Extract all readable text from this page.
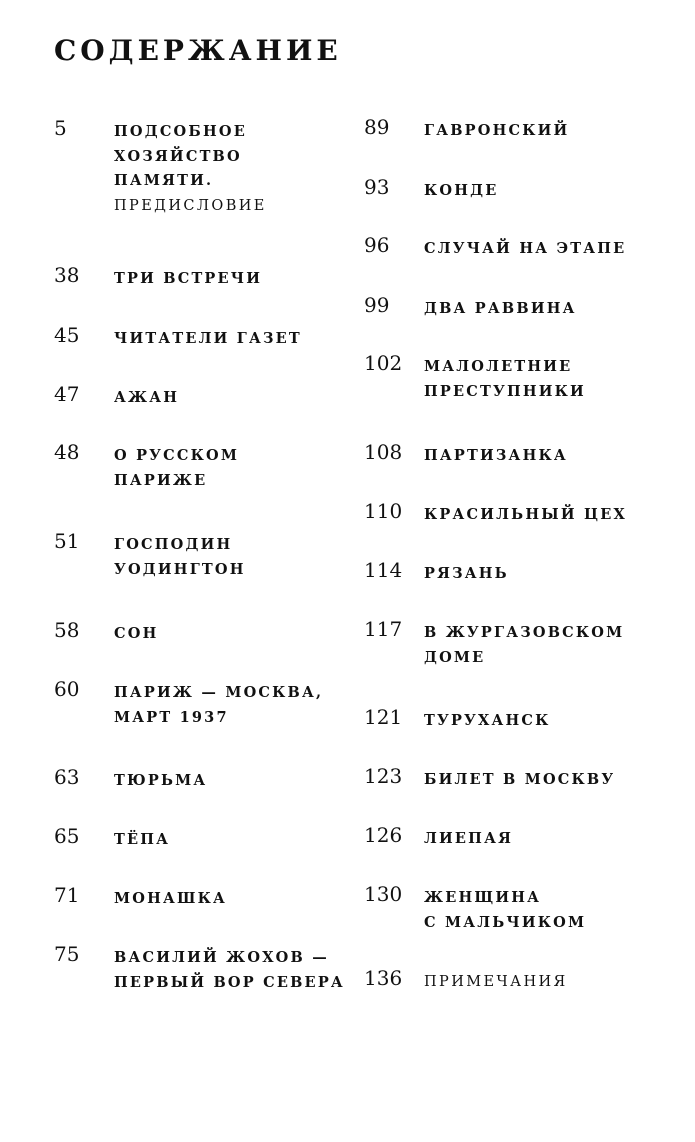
СОДЕРЖАНИЕ
5	ПОДСОБНОЕ
ХОЗЯЙСТВО
ПАМЯТИ.
ПРЕДИСЛОВИЕ
38 ТРИ ВСТРЕЧИ
45 ЧИТАТЕЛИ ГАЗЕТ
47 АЖАН
48 О РУССКОМ
ПАРИЖЕ
51 ГОСПОДИН
УОДИНГТОН
58 СОН
60 ПАРИЖ — МОСКВА,
МАРТ 1937
63 ТЮРЬМА
65 ТЁПА
71 МОНАШКА
75 ВАСИЛИЙ ЖОХОВ —
ПЕРВЫЙ ВОР СЕВЕРА
89 ГАВРОНСКИЙ
93 КОНДЕ
96 СЛУЧАЙ НА ЭТАПЕ
99 ДВА РАВВИНА
102 МАЛОЛЕТНИЕ
ПРЕСТУПНИКИ
108 ПАРТИЗАНКА
110 КРАСИЛЬНЫЙ ЦЕХ
114 РЯЗАНЬ
117 В ЖУРГАЗОВСКОМ
ДОМЕ
121 ТУРУХАНСК
123 БИЛЕТ В МОСКВУ
126 ЛИЕПАЯ
130 ЖЕНЩИНА
С МАЛЬЧИКОМ
136 ПРИМЕЧАНИЯ
